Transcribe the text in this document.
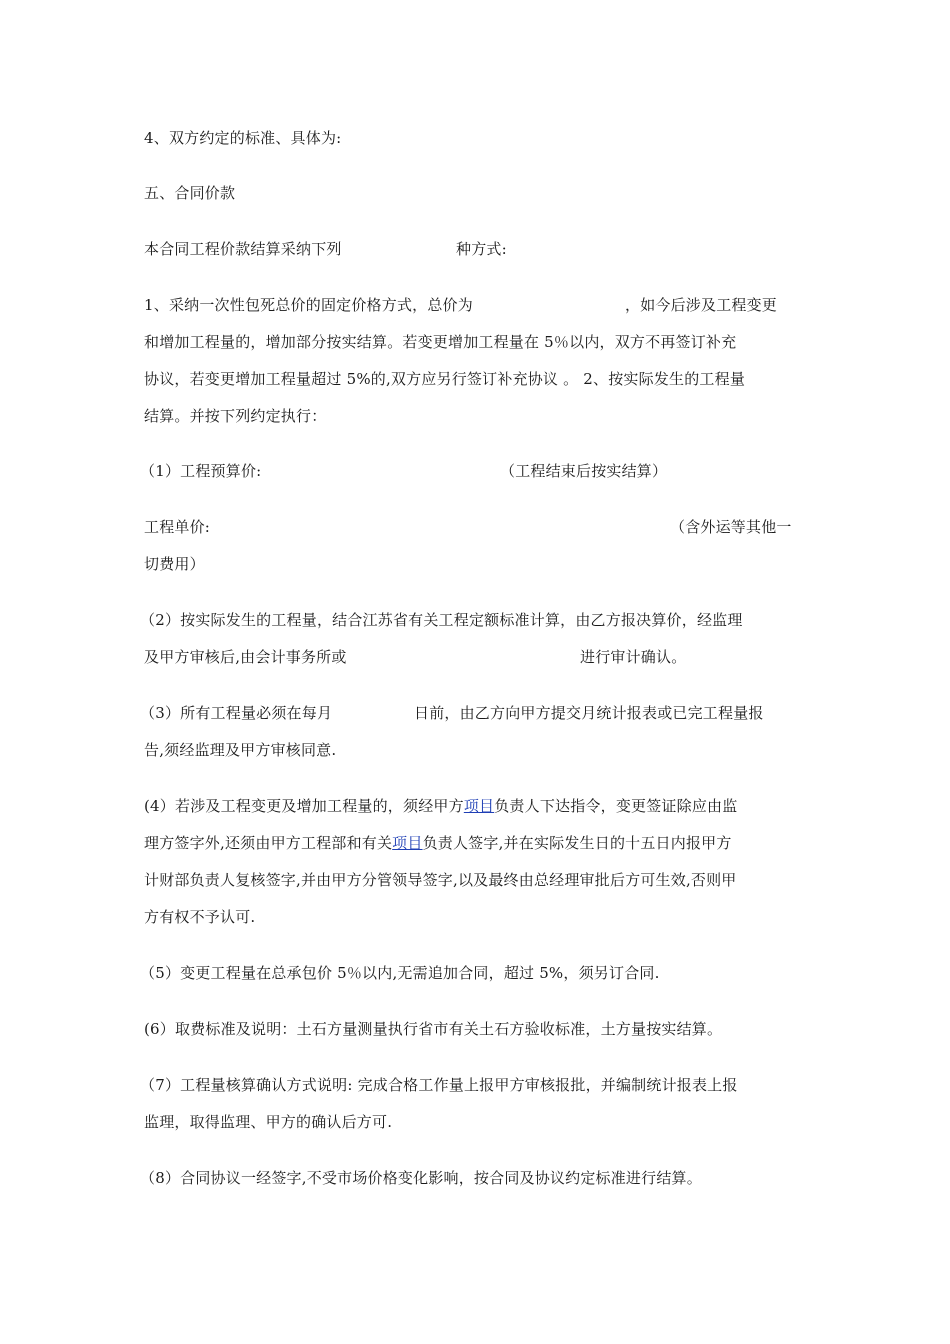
4、双方约定的标准、具体为:
五、合同价款
本合同工程价款结算采纳下列	种方式:
1、采纳一次性包死总价的固定价格方式，总价为	，如今后涉及工程变更
和增加工程量的，增加部分按实结算。若变更增加工程量在 5％以内，双方不再签订补充
协议，若变更增加工程量超过 5%的,双方应另行签订补充协议 。 2、按实际发生的工程量
结算。并按下列约定执行：
（1）工程预算价:	（工程结束后按实结算）
工程单价:	（含外运等其他一
切费用）
（2）按实际发生的工程量，结合江苏省有关工程定额标准计算，由乙方报决算价，经监理
及甲方审核后,由会计事务所或	进行审计确认。
（3）所有工程量必须在每月	日前，由乙方向甲方提交月统计报表或已完工程量报
告,须经监理及甲方审核同意.
(4）若涉及工程变更及增加工程量的，须经甲方项目负责人下达指令，变更签证除应由监
理方签字外,还须由甲方工程部和有关项目负责人签字,并在实际发生日的十五日内报甲方
计财部负责人复核签字,并由甲方分管领导签字,以及最终由总经理审批后方可生效,否则甲
方有权不予认可.
（5）变更工程量在总承包价 5％以内,无需追加合同，超过 5%，须另订合同.
(6）取费标准及说明：土石方量测量执行省市有关土石方验收标准，土方量按实结算。
（7）工程量核算确认方式说明: 完成合格工作量上报甲方审核报批，并编制统计报表上报
监理，取得监理、甲方的确认后方可.
（8）合同协议一经签字,不受市场价格变化影响，按合同及协议约定标准进行结算。
